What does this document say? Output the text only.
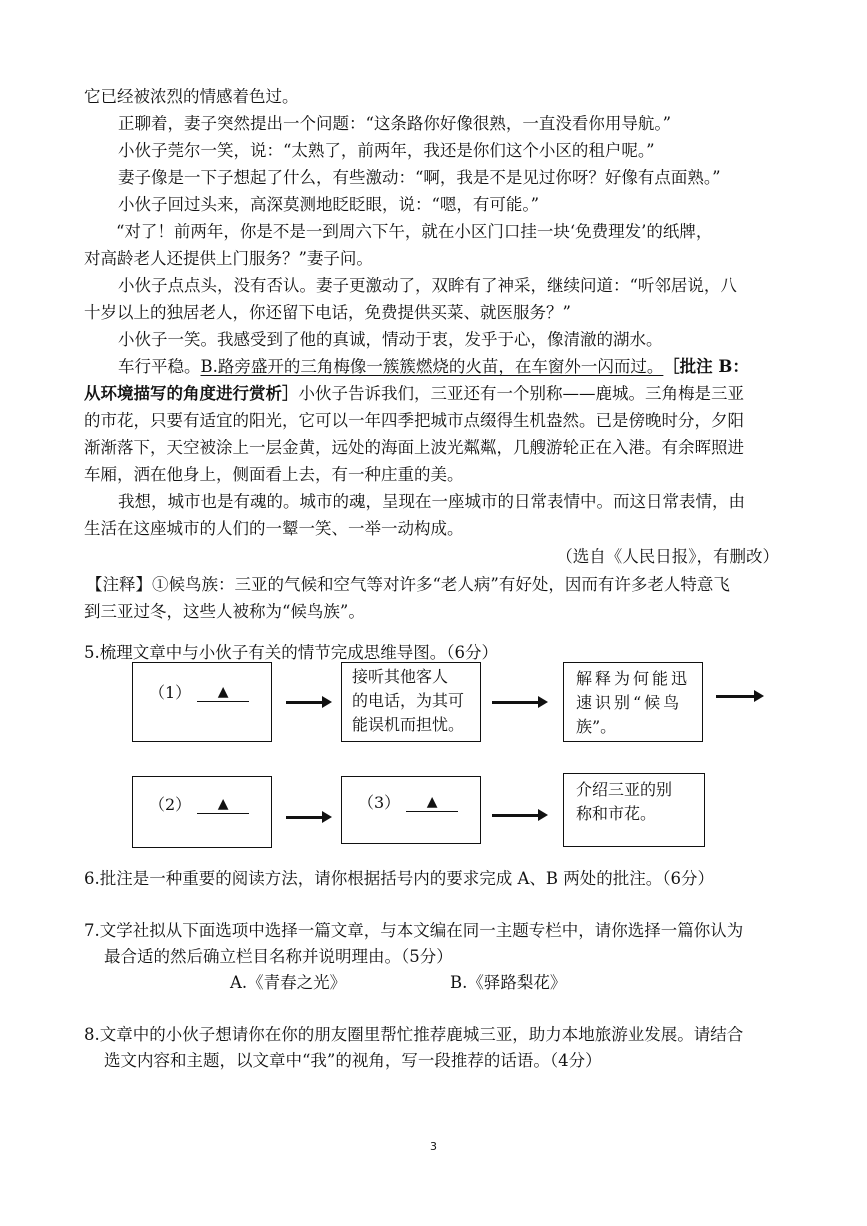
它已经被浓烈的情感着色过。
正聊着，妻子突然提出一个问题：“这条路你好像很熟，一直没看你用导航。”
小伙子莞尔一笑，说：“太熟了，前两年，我还是你们这个小区的租户呢。”
妻子像是一下子想起了什么，有些激动：“啊，我是不是见过你呀？好像有点面熟。”
小伙子回过头来，高深莫测地眨眨眼，说：“嗯，有可能。”
“对了！前两年，你是不是一到周六下午，就在小区门口挂一块‘免费理发’的纸牌，
对高龄老人还提供上门服务？”妻子问。
小伙子点点头，没有否认。妻子更激动了，双眸有了神采，继续问道：“听邻居说，八
十岁以上的独居老人，你还留下电话，免费提供买菜、就医服务？”
小伙子一笑。我感受到了他的真诚，情动于衷，发乎于心，像清澈的湖水。
车行平稳。B.路旁盛开的三角梅像一簇簇燃烧的火苗，在车窗外一闪而过。 ［批注 B：
从环境描写的角度进行赏析］小伙子告诉我们，三亚还有一个别称——鹿城。三角梅是三亚
的市花，只要有适宜的阳光，它可以一年四季把城市点缀得生机盎然。已是傍晚时分，夕阳
渐渐落下，天空被涂上一层金黄，远处的海面上波光粼粼，几艘游轮正在入港。有余晖照进
车厢，洒在他身上，侧面看上去，有一种庄重的美。
我想，城市也是有魂的。城市的魂，呈现在一座城市的日常表情中。而这日常表情，由
生活在这座城市的人们的一颦一笑、一举一动构成。
（选自《人民日报》，有删改）
【注释】①候鸟族：三亚的气候和空气等对许多“老人病”有好处，因而有许多老人特意飞
到三亚过冬，这些人被称为“候鸟族”。
5.梳理文章中与小伙子有关的情节完成思维导图。（6分）
（1） ▲
接听其他客人
的电话，为其可
能误机而担忧。
解释为何能迅
速识别“候鸟
族”。
（2） ▲	（3） ▲
介绍三亚的别
称和市花。
6.批注是一种重要的阅读方法，请你根据括号内的要求完成 A、B 两处的批注。（6分）
7.文学社拟从下面选项中选择一篇文章，与本文编在同一主题专栏中，请你选择一篇你认为
最合适的然后确立栏目名称并说明理由。（5分）
A.《青春之光》	B.《驿路梨花》
8.文章中的小伙子想请你在你的朋友圈里帮忙推荐鹿城三亚，助力本地旅游业发展。请结合
选文内容和主题，以文章中“我”的视角，写一段推荐的话语。（4分）
3
